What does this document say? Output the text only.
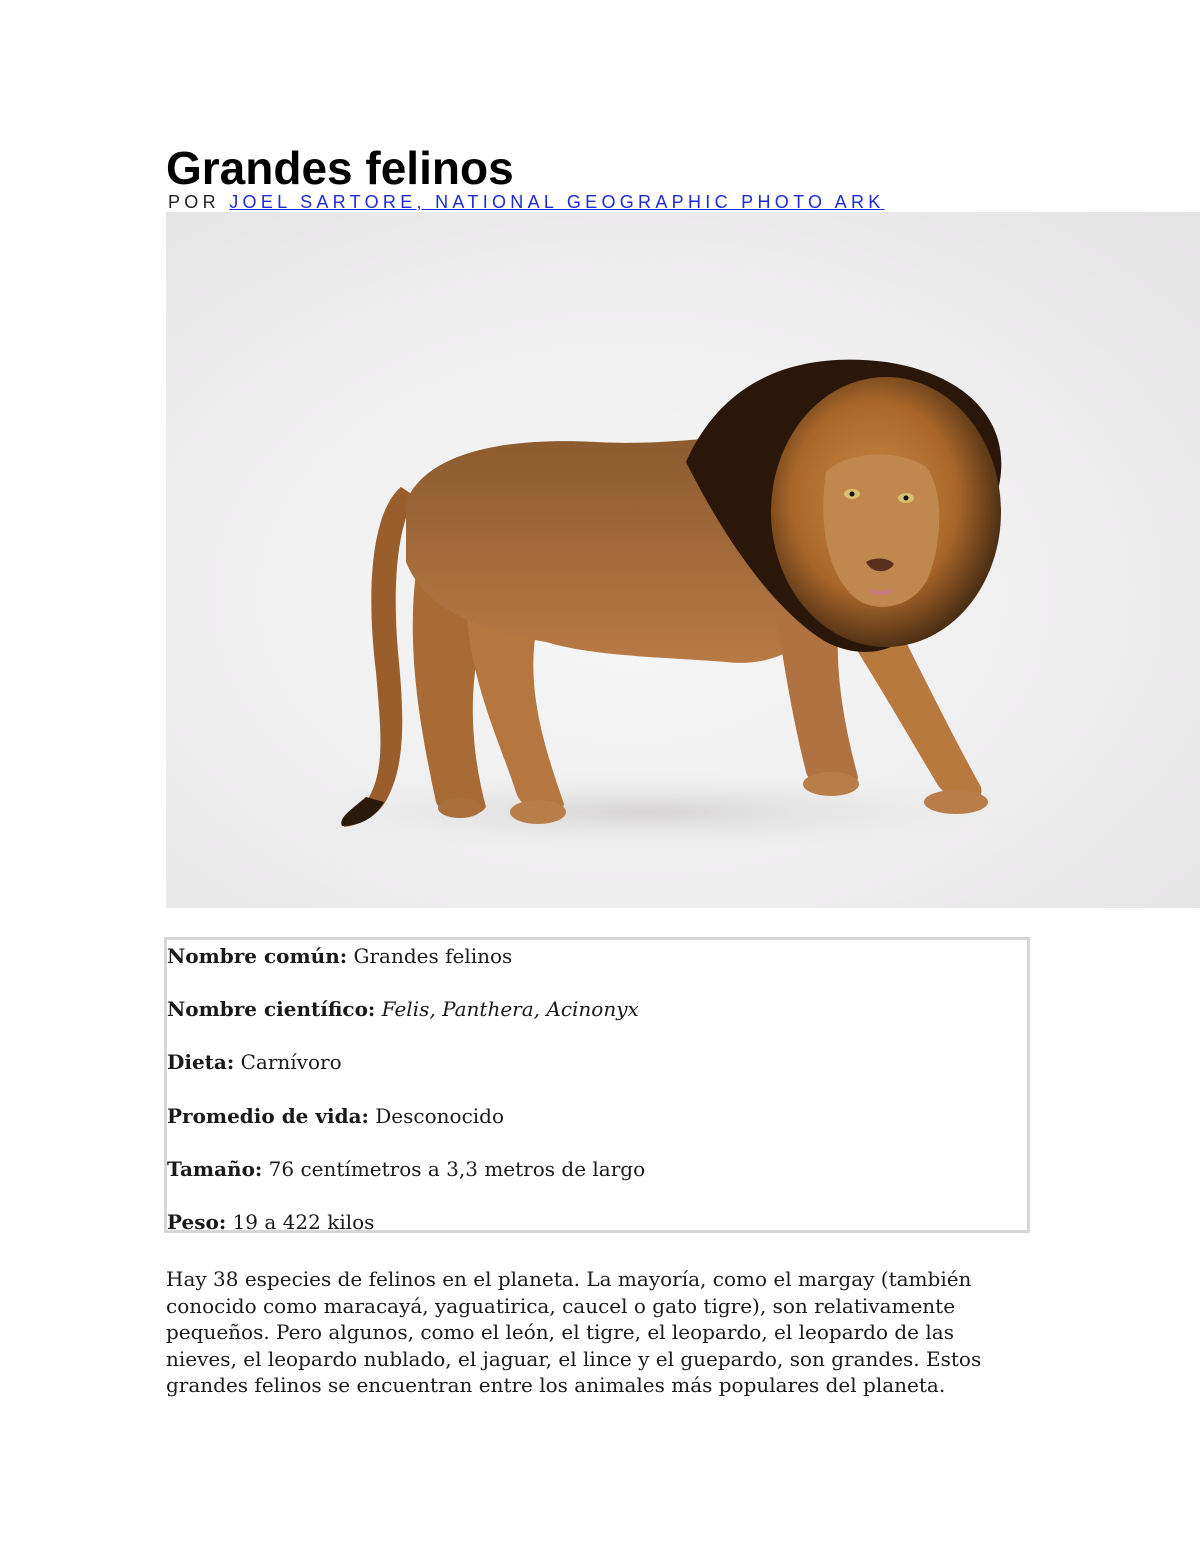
Grandes felinos
POR JOEL SARTORE, NATIONAL GEOGRAPHIC PHOTO ARK

Nombre común: Grandes felinos

Nombre científico: Felis, Panthera, Acinonyx

Dieta: Carnívoro

Promedio de vida: Desconocido

Tamaño: 76 centímetros a 3,3 metros de largo

Peso: 19 a 422 kilos

Hay 38 especies de felinos en el planeta. La mayoría, como el margay (también conocido como maracayá, yaguatirica, caucel o gato tigre), son relativamente pequeños. Pero algunos, como el león, el tigre, el leopardo, el leopardo de las nieves, el leopardo nublado, el jaguar, el lince y el guepardo, son grandes. Estos grandes felinos se encuentran entre los animales más populares del planeta.
